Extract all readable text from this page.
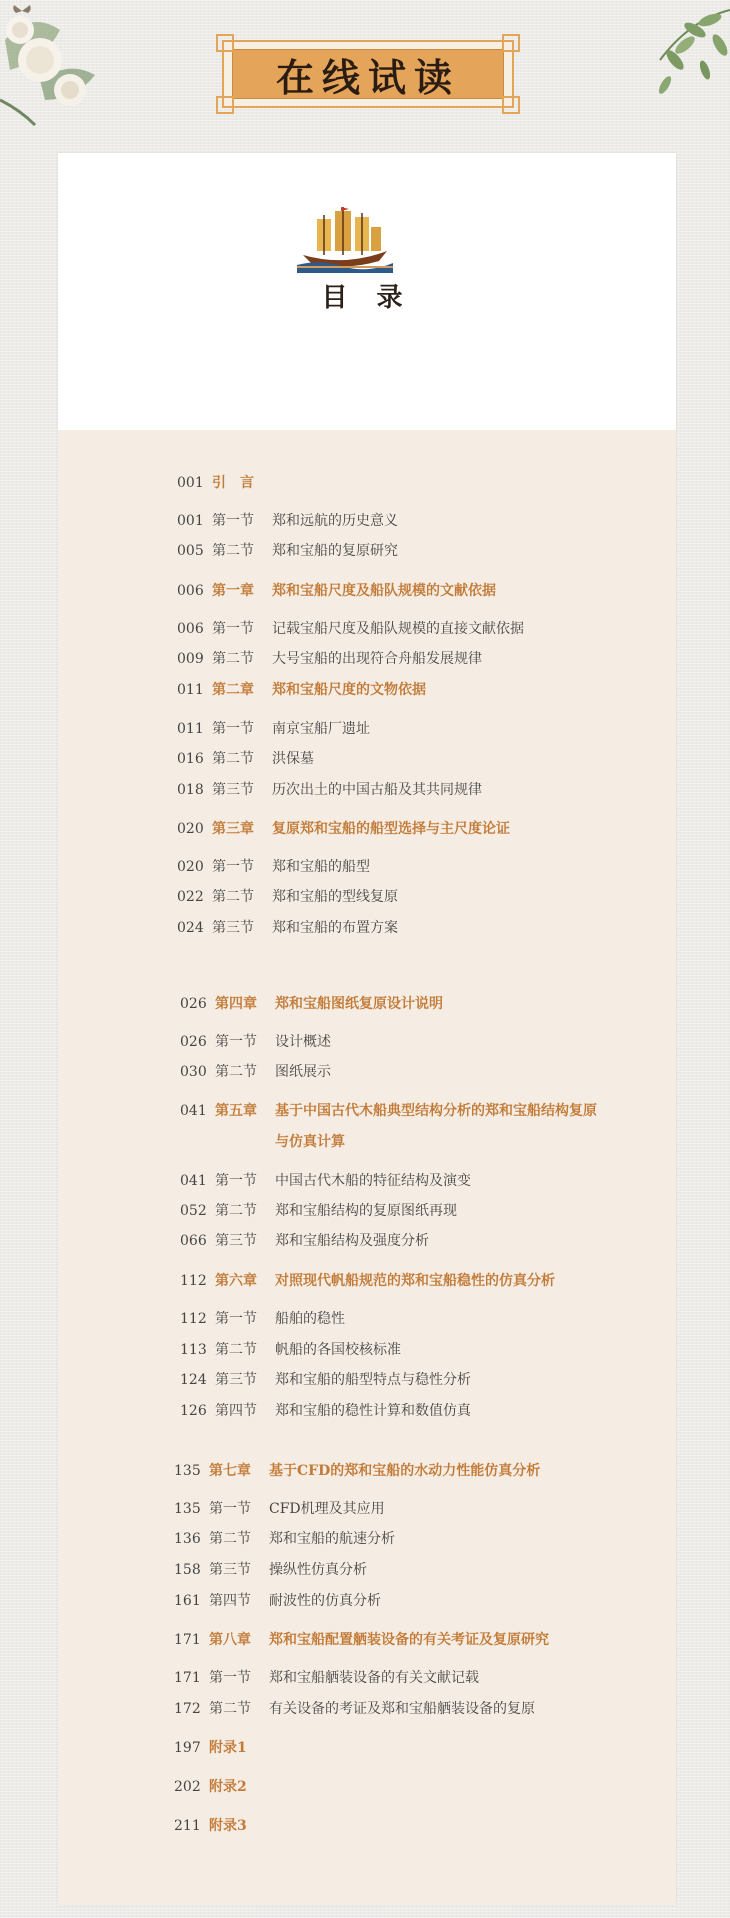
在线试读
目 录
001 引　言
001 第一节 郑和远航的历史意义
005 第二节 郑和宝船的复原研究
006 第一章 郑和宝船尺度及船队规模的文献依据
006 第一节 记载宝船尺度及船队规模的直接文献依据
009 第二节 大号宝船的出现符合舟船发展规律
011 第二章 郑和宝船尺度的文物依据
011 第一节 南京宝船厂遗址
016 第二节 洪保墓
018 第三节 历次出土的中国古船及其共同规律
020 第三章 复原郑和宝船的船型选择与主尺度论证
020 第一节 郑和宝船的船型
022 第二节 郑和宝船的型线复原
024 第三节 郑和宝船的布置方案
026 第四章 郑和宝船图纸复原设计说明
026 第一节 设计概述
030 第二节 图纸展示
041 第五章 基于中国古代木船典型结构分析的郑和宝船结构复原
与仿真计算
041 第一节 中国古代木船的特征结构及演变
052 第二节 郑和宝船结构的复原图纸再现
066 第三节 郑和宝船结构及强度分析
112 第六章 对照现代帆船规范的郑和宝船稳性的仿真分析
112 第一节 船舶的稳性
113 第二节 帆船的各国校核标准
124 第三节 郑和宝船的船型特点与稳性分析
126 第四节 郑和宝船的稳性计算和数值仿真
135 第七章 基于CFD的郑和宝船的水动力性能仿真分析
135 第一节 CFD机理及其应用
136 第二节 郑和宝船的航速分析
158 第三节 操纵性仿真分析
161 第四节 耐波性的仿真分析
171 第八章 郑和宝船配置舾装设备的有关考证及复原研究
171 第一节 郑和宝船舾装设备的有关文献记载
172 第二节 有关设备的考证及郑和宝船舾装设备的复原
197 附录1
202 附录2
211 附录3
